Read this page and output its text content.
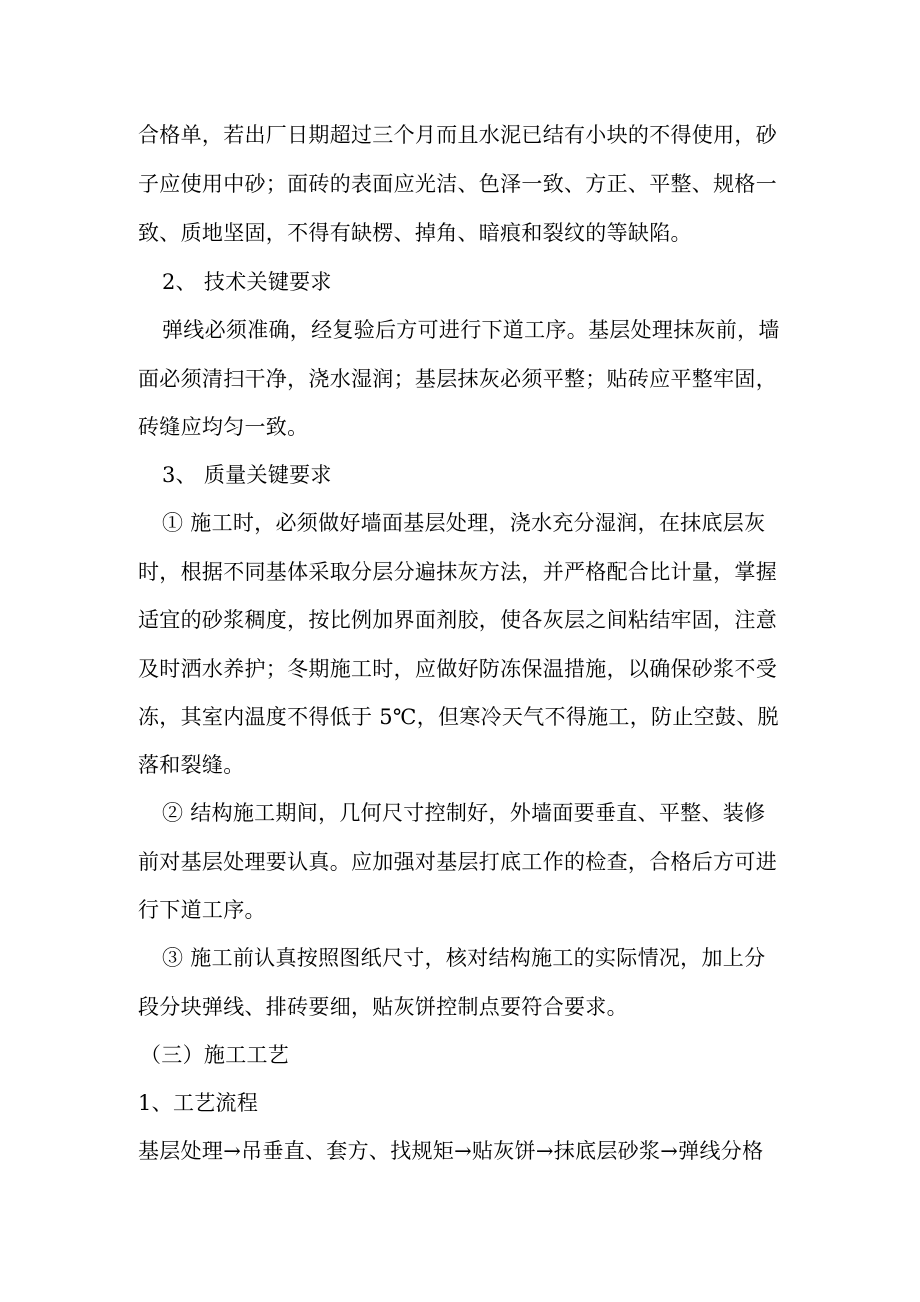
合格单，若出厂日期超过三个月而且水泥已结有小块的不得使用，砂
子应使用中砂；面砖的表面应光洁、色泽一致、方正、平整、规格一
致、质地坚固，不得有缺楞、掉角、暗痕和裂纹的等缺陷。
2、 技术关键要求
弹线必须准确，经复验后方可进行下道工序。基层处理抹灰前，墙
面必须清扫干净，浇水湿润；基层抹灰必须平整；贴砖应平整牢固，
砖缝应均匀一致。
3、 质量关键要求
① 施工时，必须做好墙面基层处理，浇水充分湿润，在抹底层灰
时，根据不同基体采取分层分遍抹灰方法，并严格配合比计量，掌握
适宜的砂浆稠度，按比例加界面剂胶，使各灰层之间粘结牢固，注意
及时洒水养护；冬期施工时，应做好防冻保温措施，以确保砂浆不受
冻，其室内温度不得低于 5℃，但寒冷天气不得施工，防止空鼓、脱
落和裂缝。
② 结构施工期间，几何尺寸控制好，外墙面要垂直、平整、装修
前对基层处理要认真。应加强对基层打底工作的检查，合格后方可进
行下道工序。
③ 施工前认真按照图纸尺寸，核对结构施工的实际情况，加上分
段分块弹线、排砖要细，贴灰饼控制点要符合要求。
（三）施工工艺
1、工艺流程
基层处理→吊垂直、套方、找规矩→贴灰饼→抹底层砂浆→弹线分格
